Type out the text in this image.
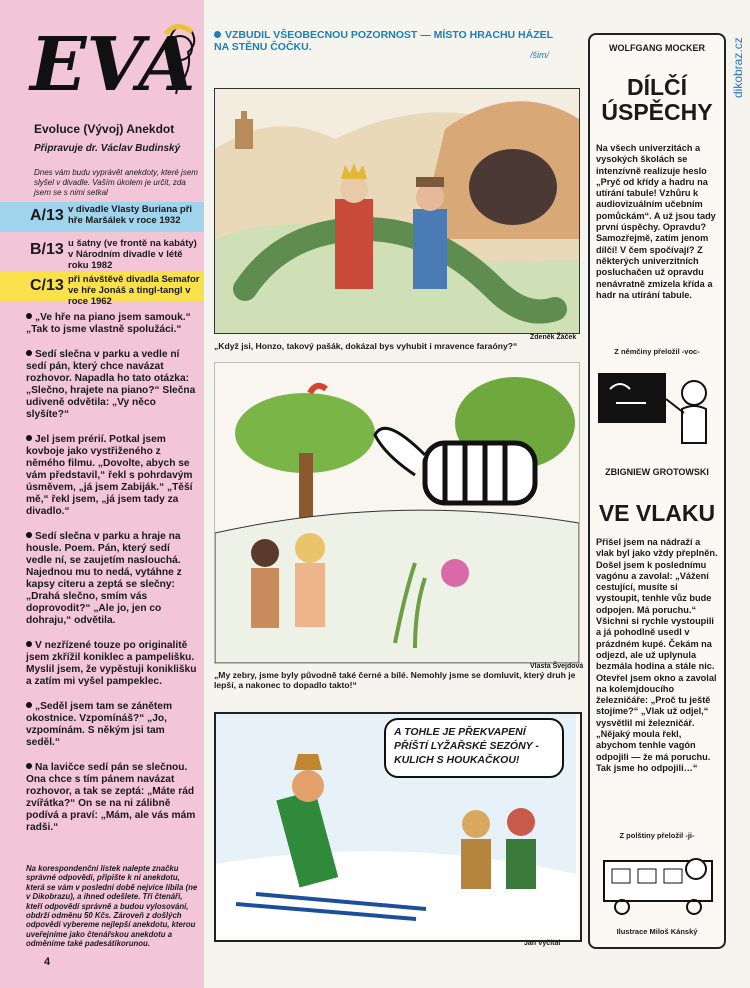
EVA
Evoluce (Vývoj) Anekdot
Připravuje dr. Václav Budinský
Dnes vám budu vyprávět anekdoty, které jsem slyšel v divadle. Vaším úkolem je určit, zda jsem se s nimi setkal
A/13 v divadle Vlasty Buriana při hře Maršálek v roce 1932
B/13 u šatny (ve frontě na kabáty) v Národním divadle v létě roku 1982
C/13 při návštěvě divadla Semafor ve hře Jonáš a tingl-tangl v roce 1962

„Ve hře na piano jsem samouk.“ „Tak to jsme vlastně spolužáci.“

Sedí slečna v parku a vedle ní sedí pán, který chce navázat rozhovor. Napadla ho tato otázka: „Slečno, hrajete na piano?“ Slečna udiveně odvětila: „Vy něco slyšíte?“

Jel jsem prérií. Potkal jsem kovboje jako vystřiženého z němého filmu. „Dovolte, abych se vám představil,“ řekl s pohrdavým úsměvem, „já jsem Zabiják.“ „Těší mě,“ řekl jsem, „já jsem tady za divadlo.“

Sedí slečna v parku a hraje na housle. Poem. Pán, který sedí vedle ní, se zaujetím naslouchá. Najednou mu to nedá, vytáhne z kapsy citeru a zeptá se slečny: „Drahá slečno, smím vás doprovodit?“ „Ale jo, jen co dohraju,“ odvětila.

V nezřízené touze po originalitě jsem zkřížil koniklec a pampelišku. Myslil jsem, že vypěstuji koniklišku a zatím mi vyšel pampeklec.

„Seděl jsem tam se zánětem okostnice. Vzpomínáš?“ „Jo, vzpomínám. S někým jsi tam seděl.“

Na lavičce sedí pán se slečnou. Ona chce s tím pánem navázat rozhovor, a tak se zeptá: „Máte rád zvířátka?“ On se na ni zálibně podívá a praví: „Mám, ale vás mám radši.“

Na korespondenční lístek nalepte značku správné odpovědi, připište k ní anekdotu, která se vám v poslední době nejvíce líbila (ne v Dikobrazu), a ihned odešlete. Tři čtenáři, kteří odpovědí správně a budou vylosováni, obdrží odměnu 50 Kčs. Zároveň z došlých odpovědí vybereme nejlepší anekdotu, kterou uveřejníme jako čtenářskou anekdotu a odměníme také padesátikorunou.
4
VZBUDIL VŠEOBECNOU POZORNOST — MÍSTO HRACHU HÁZEL NA STĚNU ČOČKU.
/šim/
Zdeněk Žáček
„Když jsi, Honzo, takový pašák, dokázal bys vyhubit i mravence faraóny?“
Vlasta Švejdová
„My zebry, jsme byly původně také černé a bílé. Nemohly jsme se domluvit, který druh je lepší, a nakonec to dopadlo takto!“
A TOHLE JE PŘEKVAPENÍ PŘÍŠTÍ LYŽAŘSKÉ SEZÓNY - KULICH S HOUKAČKOU!
Jan Vyčítal
WOLFGANG MOCKER
DÍLČÍ
ÚSPĚCHY
Na všech univerzitách a vysokých školách se intenzívně realizuje heslo „Pryč od křídy a hadru na utírání tabule! Vzhůru k audiovizuálním učebním pomůckám“. A už jsou tady první úspěchy. Opravdu? Samozřejmě, zatím jenom dílčí! V čem spočívají? Z některých univerzitních posluchačen už opravdu nenávratně zmizela křída a hadr na utírání tabule.
Z němčiny přeložil -voc-
ZBIGNIEW GROTOWSKI
VE VLAKU
Přišel jsem na nádraží a vlak byl jako vždy přeplněn. Došel jsem k poslednímu vagónu a zavolal: „Vážení cestující, musíte si vystoupit, tenhle vůz bude odpojen. Má poruchu.“ Všichni si rychle vystoupili a já pohodlně usedl v prázdném kupé. Čekám na odjezd, ale už uplynula bezmála hodina a stále nic. Otevřel jsem okno a zavolal na kolemjdoucího železničáře: „Proč tu ještě stojíme?“ „Vlak už odjel,“ vysvětlil mi železničář. „Nějaký moula řekl, abychom tenhle vagón odpojili — že má poruchu. Tak jsme ho odpojili…“
Z polštiny přeložil -ji-
Ilustrace Miloš Kánský
dikobraz.cz
